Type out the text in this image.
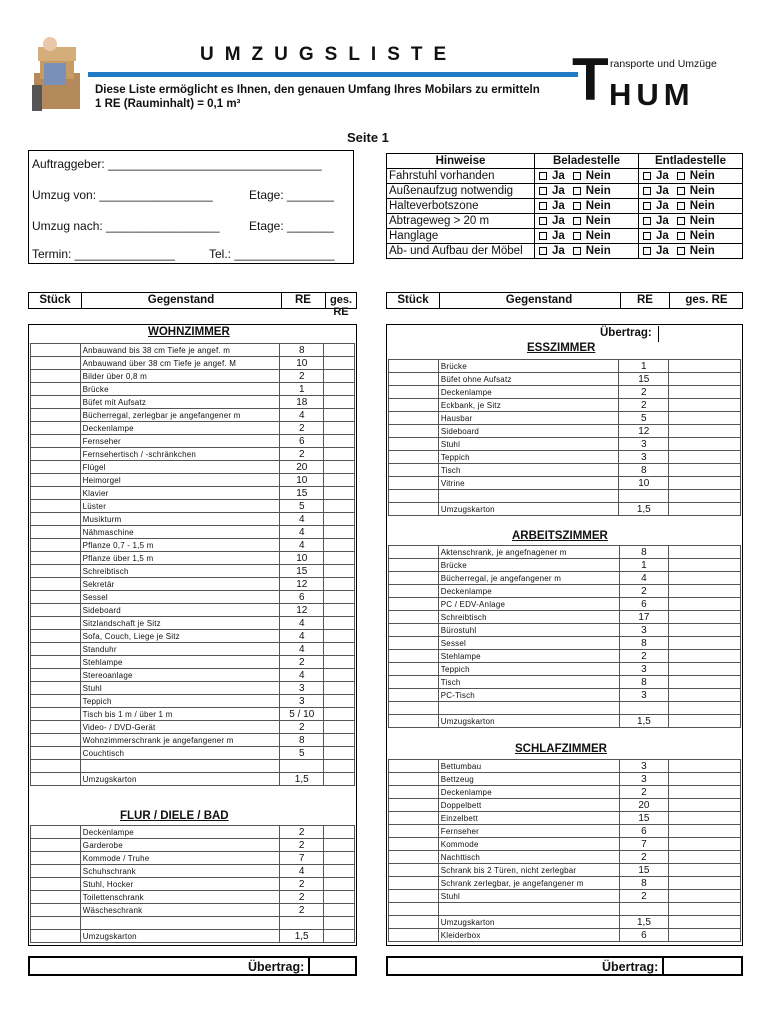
UMZUGSLISTE
Diese Liste ermöglicht es Ihnen, den genauen Umfang Ihres Mobilars zu ermitteln
1 RE (Rauminhalt) = 0,1 m³	T ransporte und Umzüge
HUM
Seite 1
Auftraggeber: ________________________________
Umzug von: _________________	Etage: _______
Umzug nach: _________________ Etage: _______
Termin: _______________	Tel.: _______________
Hinweise	Beladestelle	Entladestelle
Fahrstuhl vorhanden	Ja Nein	Ja Nein
Außenaufzug notwendig	Ja Nein	Ja Nein
Halteverbotszone	Ja Nein	Ja Nein
Abtrageweg > 20 m	Ja Nein	Ja Nein
Hanglage	Ja Nein	Ja Nein
Ab- und Aufbau der Möbel	Ja Nein	Ja Nein
Stück	Gegenstand	RE	ges. RE
Stück	Gegenstand	RE	ges. RE
WOHNZIMMER
	Anbauwand bis 38 cm Tiefe je angef. m	8	
	Anbauwand über 38 cm Tiefe je angef. M	10	
	Bilder über 0,8 m	2	
	Brücke	1	
	Büfet mit Aufsatz	18	
	Bücherregal, zerlegbar je angefangener m	4	
	Deckenlampe	2	
	Fernseher	6	
	Fernsehertisch / -schränkchen	2	
	Flügel	20	
	Heimorgel	10	
	Klavier	15	
	Lüster	5	
	Musikturm	4	
	Nähmaschine	4	
	Pflanze 0,7 - 1,5 m	4	
	Pflanze über 1,5 m	10	
	Schreibtisch	15	
	Sekretär	12	
	Sessel	6	
	Sideboard	12	
	Sitzlandschaft je Sitz	4	
	Sofa, Couch, Liege je Sitz	4	
	Standuhr	4	
	Stehlampe	2	
	Stereoanlage	4	
	Stuhl	3	
	Teppich	3	
	Tisch bis 1 m / über 1 m	5 / 10	
	Video- / DVD-Gerät	2	
	Wohnzimmerschrank je angefangener m	8	
	Couchtisch	5	

	Umzugskarton	1,5	
FLUR / DIELE / BAD
	Deckenlampe	2	
	Garderobe	2	
	Kommode / Truhe	7	
	Schuhschrank	4	
	Stuhl, Hocker	2	
	Toilettenschrank	2	
	Wäscheschrank	2	

	Umzugskarton	1,5	
Übertrag:
ESSZIMMER
	Brücke	1	
	Büfet ohne Aufsatz	15	
	Deckenlampe	2	
	Eckbank, je Sitz	2	
	Hausbar	5	
	Sideboard	12	
	Stuhl	3	
	Teppich	3	
	Tisch	8	
	Vitrine	10	

	Umzugskarton	1,5	
ARBEITSZIMMER
	Aktenschrank, je angefnagener m	8	
	Brücke	1	
	Bücherregal, je angefangener m	4	
	Deckenlampe	2	
	PC / EDV-Anlage	6	
	Schreibtisch	17	
	Bürostuhl	3	
	Sessel	8	
	Stehlampe	2	
	Teppich	3	
	Tisch	8	
	PC-Tisch	3	

	Umzugskarton	1,5	
SCHLAFZIMMER
	Bettumbau	3	
	Bettzeug	3	
	Deckenlampe	2	
	Doppelbett	20	
	Einzelbett	15	
	Fernseher	6	
	Kommode	7	
	Nachttisch	2	
	Schrank bis 2 Türen, nicht zerlegbar	15	
	Schrank zerlegbar, je angefangener m	8	
	Stuhl	2	

	Umzugskarton	1,5	
	Kleiderbox	6	
Übertrag:	Übertrag:
